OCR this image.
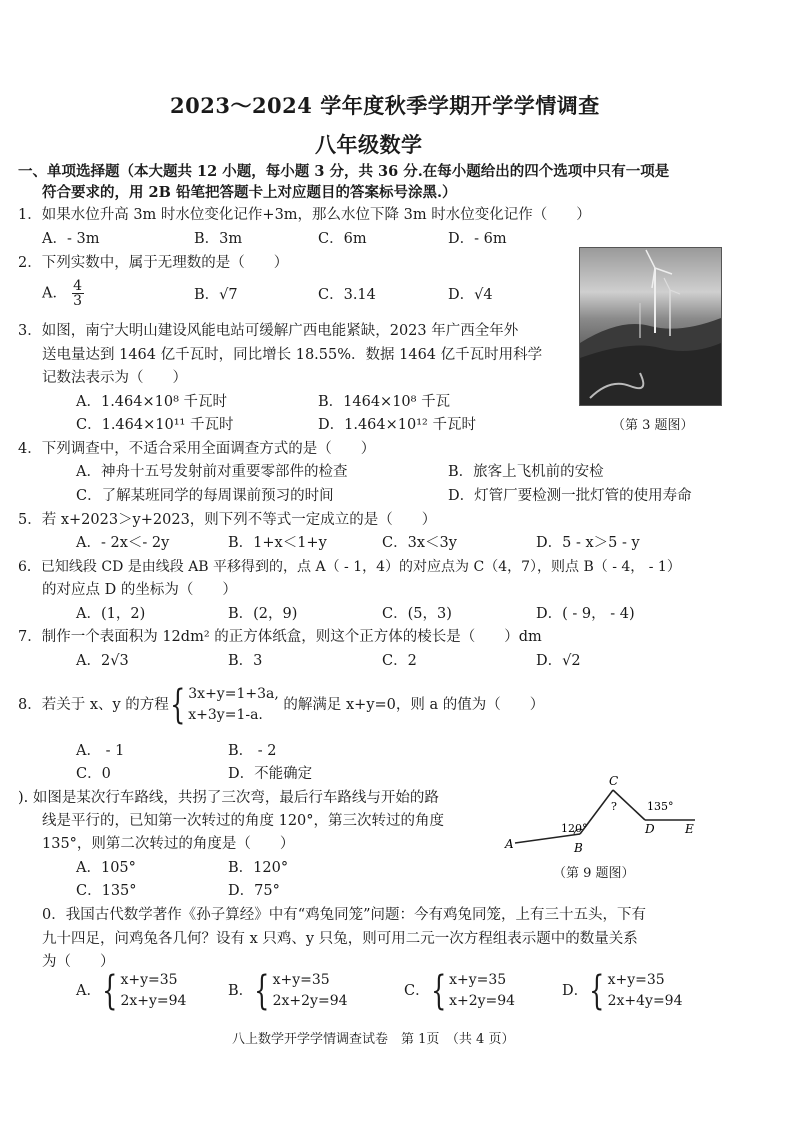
2023～2024 学年度秋季学期开学学情调查
八年级数学
一、单项选择题（本大题共 12 小题，每小题 3 分，共 36 分.在每小题给出的四个选项中只有一项是
符合要求的，用 2B 铅笔把答题卡上对应题目的答案标号涂黑.）
1．如果水位升高 3m 时水位变化记作+3m，那么水位下降 3m 时水位变化记作（　　）
A．- 3m	B．3m	C．6m	D．- 6m
2．下列实数中，属于无理数的是（　　）
A． $\frac{4}{3}$	B．√7	C．3.14	D．√4
（第 3 题图）
3．如图，南宁大明山建设风能电站可缓解广西电能紧缺，2023 年广西全年外
送电量达到 1464 亿千瓦时，同比增长 18.55%．数据 1464 亿千瓦时用科学
记数法表示为（　　）
A．1.464×10⁸ 千瓦时	B．1464×10⁸ 千瓦
C．1.464×10¹¹ 千瓦时	D．1.464×10¹² 千瓦时
4．下列调查中，不适合采用全面调查方式的是（　　）
A．神舟十五号发射前对重要零部件的检查	B．旅客上飞机前的安检
C．了解某班同学的每周课前预习的时间	D．灯管厂要检测一批灯管的使用寿命
5．若 x+2023＞y+2023，则下列不等式一定成立的是（　　）
A．- 2x＜- 2y	B．1+x＜1+y	C．3x＜3y	D．5 - x＞5 - y
6．已知线段 CD 是由线段 AB 平移得到的，点 A（ - 1，4）的对应点为 C（4，7），则点 B（ - 4， - 1）
的对应点 D 的坐标为（　　）
A．(1，2)	B．(2，9)	C．(5，3)	D．( - 9， - 4)
7．制作一个表面积为 12dm² 的正方体纸盒，则这个正方体的棱长是（　　）dm
A．2√3	B．3	C．2	D．√2
8．若关于 x、y 的方程{ 3x+y=1+3a,
x+3y=1-a.
的解满足 x+y=0，则 a 的值为（　　）
A． - 1	B． - 2
C．0	D．不能确定
). 如图是某次行车路线，共拐了三次弯，最后行车路线与开始的路
线是平行的，已知第一次转过的角度 120°，第三次转过的角度
135°，则第二次转过的角度是（　　）
A．105°	B．120°
C．135°	D．75°
A	B
C
D	E
120°
135°
?
（第 9 题图）
0．我国古代数学著作《孙子算经》中有“鸡兔同笼”问题：今有鸡兔同笼，上有三十五头，下有
九十四足，问鸡兔各几何？设有 x 只鸡、y 只兔，则可用二元一次方程组表示题中的数量关系
为（　　）
A．{ x+y=35
2x+y=94
B．{ x+y=35
2x+2y=94
C．{ x+y=35
x+2y=94
D．{ x+y=35
2x+4y=94
八上数学开学学情调查试卷　第 1页　（共 4 页）
